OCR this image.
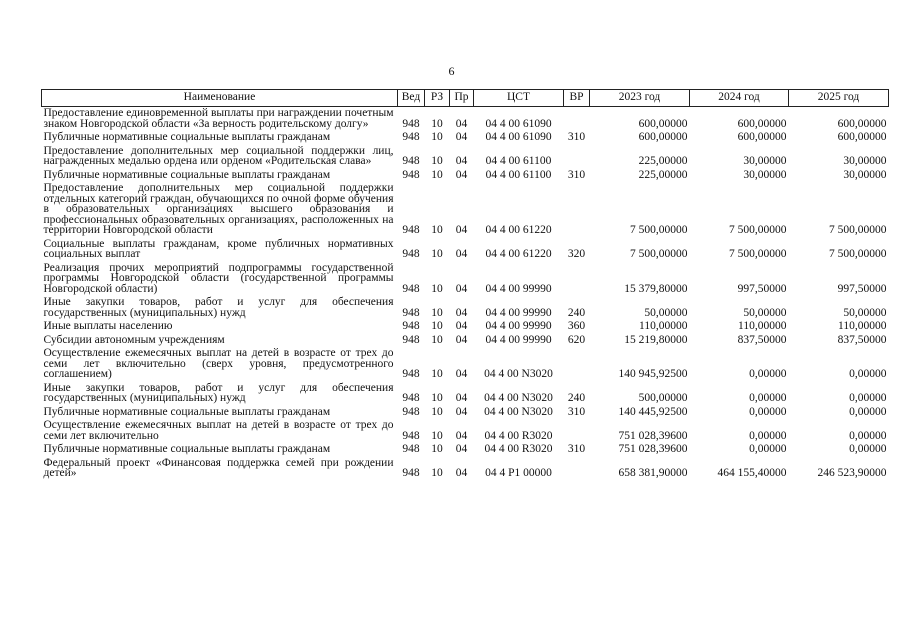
6
Наименование	Вед	РЗ	Пр	ЦСТ	ВР	2023 год	2024 год	2025 год
Предоставление единовременной выплаты при награждении почетным знаком Новгородской области «За верность родительскому долгу»	948	10	04	04 4 00 61090		600,00000	600,00000	600,00000
Публичные нормативные социальные выплаты гражданам	948	10	04	04 4 00 61090	310	600,00000	600,00000	600,00000
Предоставление дополнительных мер социальной поддержки лиц, награжденных медалью ордена или орденом «Родительская слава»	948	10	04	04 4 00 61100		225,00000	30,00000	30,00000
Публичные нормативные социальные выплаты гражданам	948	10	04	04 4 00 61100	310	225,00000	30,00000	30,00000
Предоставление дополнительных мер социальной поддержки отдельных категорий граждан, обучающихся по очной форме обучения в образовательных организациях высшего образования и профессиональных образовательных организациях, расположенных на территории Новгородской области	948	10	04	04 4 00 61220		7 500,00000	7 500,00000	7 500,00000
Социальные выплаты гражданам, кроме публичных нормативных социальных выплат	948	10	04	04 4 00 61220	320	7 500,00000	7 500,00000	7 500,00000
Реализация прочих мероприятий подпрограммы государственной программы Новгородской области (государственной программы Новгородской области)	948	10	04	04 4 00 99990		15 379,80000	997,50000	997,50000
Иные закупки товаров, работ и услуг для обеспечения государственных (муниципальных) нужд	948	10	04	04 4 00 99990	240	50,00000	50,00000	50,00000
Иные выплаты населению	948	10	04	04 4 00 99990	360	110,00000	110,00000	110,00000
Субсидии автономным учреждениям	948	10	04	04 4 00 99990	620	15 219,80000	837,50000	837,50000
Осуществление ежемесячных выплат на детей в возрасте от трех до семи лет включительно (сверх уровня, предусмотренного соглашением)	948	10	04	04 4 00 N3020		140 945,92500	0,00000	0,00000
Иные закупки товаров, работ и услуг для обеспечения государственных (муниципальных) нужд	948	10	04	04 4 00 N3020	240	500,00000	0,00000	0,00000
Публичные нормативные социальные выплаты гражданам	948	10	04	04 4 00 N3020	310	140 445,92500	0,00000	0,00000
Осуществление ежемесячных выплат на детей в возрасте от трех до семи лет включительно	948	10	04	04 4 00 R3020		751 028,39600	0,00000	0,00000
Публичные нормативные социальные выплаты гражданам	948	10	04	04 4 00 R3020	310	751 028,39600	0,00000	0,00000
Федеральный проект «Финансовая поддержка семей при рождении детей»	948	10	04	04 4 P1 00000		658 381,90000	464 155,40000	246 523,90000
